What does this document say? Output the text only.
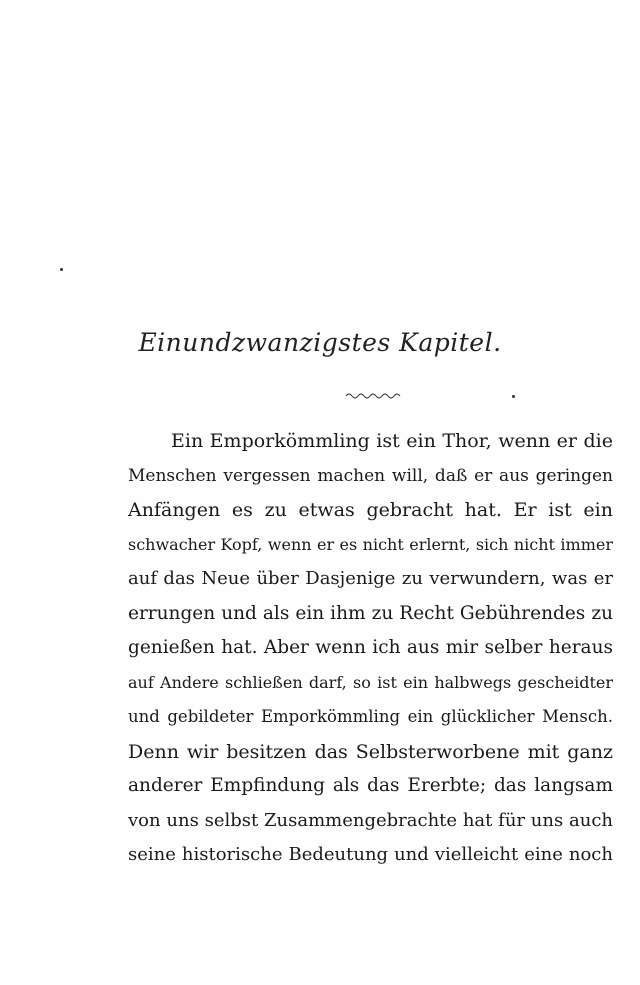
Einundzwanzigstes Kapitel.
Ein Emporkömmling ist ein Thor, wenn er die
Menschen vergessen machen will, daß er aus geringen
Anfängen es zu etwas gebracht hat. Er ist ein
schwacher Kopf, wenn er es nicht erlernt, sich nicht immer
auf das Neue über Dasjenige zu verwundern, was er
errungen und als ein ihm zu Recht Gebührendes zu
genießen hat. Aber wenn ich aus mir selber heraus
auf Andere schließen darf, so ist ein halbwegs gescheidter
und gebildeter Emporkömmling ein glücklicher Mensch.
Denn wir besitzen das Selbsterworbene mit ganz
anderer Empfindung als das Ererbte; das langsam
von uns selbst Zusammengebrachte hat für uns auch
seine historische Bedeutung und vielleicht eine noch
